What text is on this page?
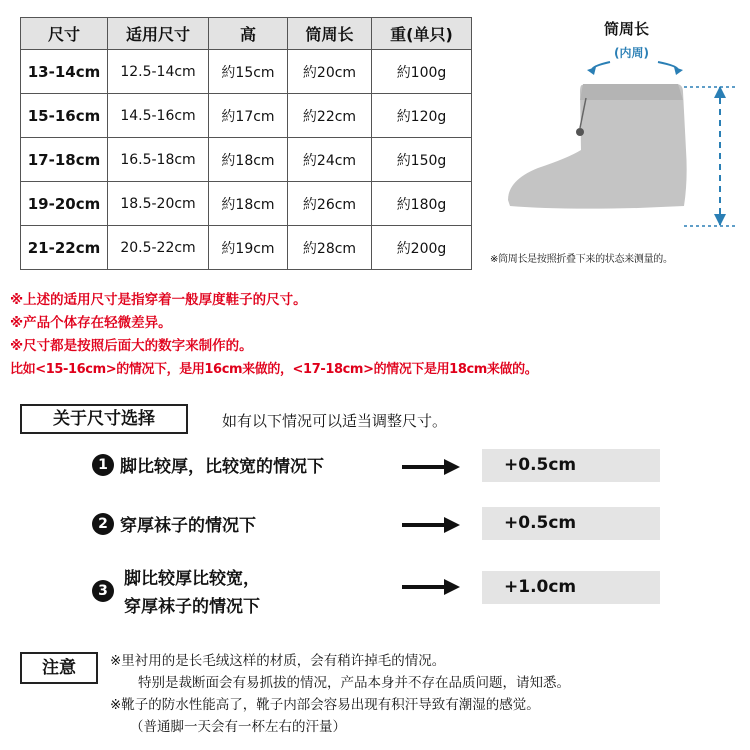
尺寸	适用尺寸	高	筒周长	重(单只)
13-14cm	12.5-14cm	約15cm	約20cm	約100g
15-16cm	14.5-16cm	約17cm	約22cm	約120g
17-18cm	16.5-18cm	約18cm	約24cm	約150g
19-20cm	18.5-20cm	約18cm	約26cm	約180g
21-22cm	20.5-22cm	約19cm	約28cm	約200g
筒周长
(内周)
※筒周长是按照折叠下来的状态来测量的。
※上述的适用尺寸是指穿着一般厚度鞋子的尺寸。
※产品个体存在轻微差异。
※尺寸都是按照后面大的数字来制作的。
比如<15-16cm>的情况下，是用16cm来做的，<17-18cm>的情况下是用18cm来做的。
关于尺寸选择	如有以下情况可以适当调整尺寸。
1 脚比较厚，比较宽的情况下	+0.5cm
2 穿厚袜子的情况下	+0.5cm
3
脚比较厚比较宽，
穿厚袜子的情况下
+1.0cm
注意	※里衬用的是长毛绒这样的材质，会有稍许掉毛的情况。
特别是裁断面会有易抓拔的情况，产品本身并不存在品质问题，请知悉。
※靴子的防水性能高了，靴子内部会容易出现有积汗导致有潮湿的感觉。
（普通脚一天会有一杯左右的汗量）
